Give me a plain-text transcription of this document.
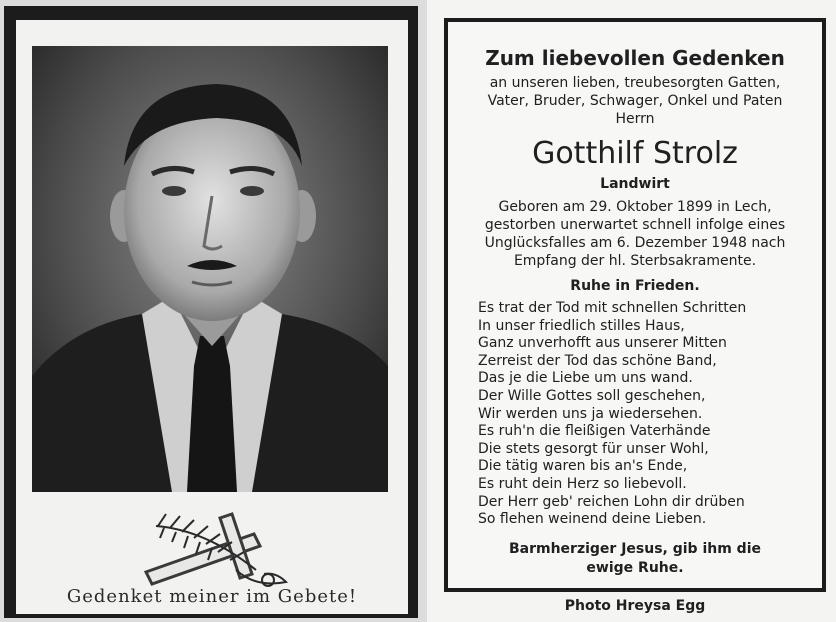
Gedenket meiner im Gebete!
Zum liebevollen Gedenken
an unseren lieben, treubesorgten Gatten,
Vater, Bruder, Schwager, Onkel und Paten
Herrn
Gotthilf Strolz
Landwirt
Geboren am 29. Oktober 1899 in Lech,
gestorben unerwartet schnell infolge eines
Unglücksfalles am 6. Dezember 1948 nach
Empfang der hl. Sterbsakramente.
Ruhe in Frieden.
Es trat der Tod mit schnellen Schritten
In unser friedlich stilles Haus,
Ganz unverhofft aus unserer Mitten
Zerreist der Tod das schöne Band,
Das je die Liebe um uns wand.
Der Wille Gottes soll geschehen,
Wir werden uns ja wiedersehen.
Es ruh'n die fleißigen Vaterhände
Die stets gesorgt für unser Wohl,
Die tätig waren bis an's Ende,
Es ruht dein Herz so liebevoll.
Der Herr geb' reichen Lohn dir drüben
So flehen weinend deine Lieben.
Barmherziger Jesus, gib ihm die
ewige Ruhe.
Photo Hreysa Egg
